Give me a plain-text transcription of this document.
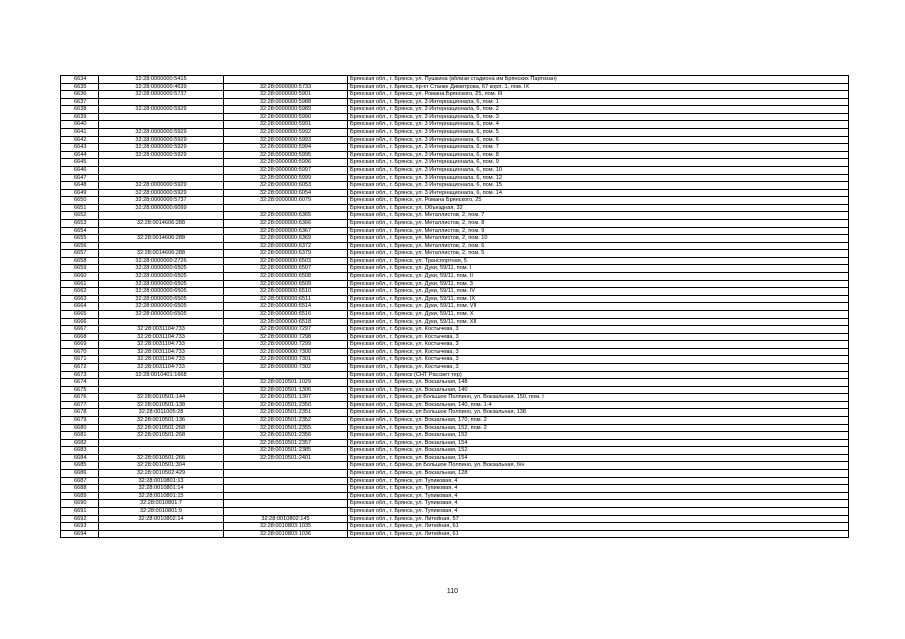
6634	32:28:0000000:5415		Брянская обл., г. Брянск, ул. Пушкина (вблизи стадиона им Брянских Партизан)
6635	32:28:0000000:4639	32:28:0000000:5733	Брянская обл., г. Брянск, пр-кт Станке Димитрова, 67 корп. 1, пом. IX
6636	32:28:0000000:5737	32:28:0000000:5901	Брянская обл., г. Брянск, ул. Романа Брянского, 25, пом. III
6637		32:28:0000000:5988	Брянская обл., г. Брянск, ул. 3 Интернационала, 6, пом. 1
6638	32:28:0000000:5929	32:28:0000000:5989	Брянская обл., г. Брянск, ул. 3 Интернационала, 6, пом. 2
6639		32:28:0000000:5990	Брянская обл., г. Брянск, ул. 3 Интернационала, 6, пом. 3
6640		32:28:0000000:5991	Брянская обл., г. Брянск, ул. 3 Интернационала, 6, пом. 4
6641	32:28:0000000:5929	32:28:0000000:5992	Брянская обл., г. Брянск, ул. 3 Интернационала, 6, пом. 5
6642	32:28:0000000:5929	32:28:0000000:5993	Брянская обл., г. Брянск, ул. 3 Интернационала, 6, пом. 6
6643	32:28:0000000:5929	32:28:0000000:5994	Брянская обл., г. Брянск, ул. 3 Интернационала, 6, пом. 7
6644	32:28:0000000:5929	32:28:0000000:5995	Брянская обл., г. Брянск, ул. 3 Интернационала, 6, пом. 8
6645		32:28:0000000:5996	Брянская обл., г. Брянск, ул. 3 Интернационала, 6, пом. 9
6646		32:28:0000000:5997	Брянская обл., г. Брянск, ул. 3 Интернационала, 6, пом. 10
6647		32:28:0000000:5999	Брянская обл., г. Брянск, ул. 3 Интернационала, 6, пом. 12
6648	32:28:0000000:5929	32:28:0000000:6053	Брянская обл., г. Брянск, ул. 3 Интернационала, 6, пом. 15
6649	32:28:0000000:5929	32:28:0000000:6054	Брянская обл., г. Брянск, ул. 3 Интернационала, 6, пом. 14
6650	32:28:0000000:5737	32:28:0000000:6079	Брянская обл., г. Брянск, ул. Романа Брянского, 25
6651	32:28:0000000:6099		Брянская обл., г. Брянск, ул. Объездная, 32
6652		32:28:0000000:6365	Брянская обл., г. Брянск, ул. Металлистов, 2, пом. 7
6653	32:28:0014606:288	32:28:0000000:6366	Брянская обл., г. Брянск, ул. Металлистов, 2, пом. 8
6654		32:28:0000000:6367	Брянская обл., г. Брянск, ул. Металлистов, 2, пом. 9
6655	32:28:0014606:288	32:28:0000000:6369	Брянская обл., г. Брянск, ул. Металлистов, 2, пом. 10
6656		32:28:0000000:6372	Брянская обл., г. Брянск, ул. Металлистов, 2, пом. 6
6657	32:28:0014606:288	32:28:0000000:6379	Брянская обл., г. Брянск, ул. Металлистов, 2, пом. 5
6658	32:28:0000000:2726	32:28:0000000:6503	Брянская обл., г. Брянск, ул. Транспортная, 5
6659	32:28:0000000:6505	32:28:0000000:6507	Брянская обл., г. Брянск, ул. Дуки, 59/11, пом. I
6660	32:28:0000000:6505	32:28:0000000:6508	Брянская обл., г. Брянск, ул. Дуки, 59/11, пом. II
6661	32:28:0000000:6505	32:28:0000000:6509	Брянская обл., г. Брянск, ул. Дуки, 59/11, пом. 3
6662	32:28:0000000:6505	32:28:0000000:6510	Брянская обл., г. Брянск, ул. Дуки, 59/11, пом. IV
6663	32:28:0000000:6505	32:28:0000000:6511	Брянская обл., г. Брянск, ул. Дуки, 59/11, пом. IX
6664	32:28:0000000:6505	32:28:0000000:6514	Брянская обл., г. Брянск, ул. Дуки, 59/11, пом. VII
6665	32:28:0000000:6505	32:28:0000000:6516	Брянская обл., г. Брянск, ул. Дуки, 59/11, пом. X
6666		32:28:0000000:6518	Брянская обл., г. Брянск, ул. Дуки, 59/11, пом. XII
6667	32:28:0031104:733	32:28:0000000:7297	Брянская обл., г. Брянск, ул. Костычева, 3
6668	32:28:0031104:733	32:28:0000000:7298	Брянская обл., г. Брянск, ул. Костычева, 3
6669	32:28:0031104:733	32:28:0000000:7299	Брянская обл., г. Брянск, ул. Костычева, 3
6670	32:28:0031104:733	32:28:0000000:7300	Брянская обл., г. Брянск, ул. Костычева, 3
6671	32:28:0031104:733	32:28:0000000:7301	Брянская обл., г. Брянск, ул. Костычева, 3
6672	32:28:0031104:733	32:28:0000000:7302	Брянская обл., г. Брянск, ул. Костычева, 3
6673	32:28:0010401:1668		Брянская обл., г. Брянск (СНТ Рассвет тер)
6674		32:28:0010501:1029	Брянская обл., г. Брянск, ул. Вокзальная, 148
6675		32:28:0010501:1306	Брянская обл., г. Брянск, ул. Вокзальная, 140
6676	32:28:0010501:144	32:28:0010501:1307	Брянская обл., г. Брянск, рп Большое Полпино, ул. Вокзальная, 150, пом. I
6677	32:28:0010501:138	32:28:0010501:2350	Брянская обл., г. Брянск, ул. Вокзальная, 140, пом. 1-4
6678	32:28:0011005:28	32:28:0010501:2351	Брянская обл., г. Брянск, рп Большое Полпино, ул. Вокзальная, 138
6679	32:28:0010501:136	32:28:0010501:2352	Брянская обл., г. Брянск, ул. Вокзальная, 170, пом. 2
6680	32:28:0010501:268	32:28:0010501:2355	Брянская обл., г. Брянск, ул. Вокзальная, 152, пом. 2
6681	32:28:0010501:268	32:28:0010501:2356	Брянская обл., г. Брянск, ул. Вокзальная, 152
6682		32:28:0010501:2357	Брянская обл., г. Брянск, ул. Вокзальная, 154
6683		32:28:0010501:2385	Брянская обл., г. Брянск, ул. Вокзальная, 152
6684	32:28:0010501:266	32:28:0010501:2401	Брянская обл., г. Брянск, ул. Вокзальная, 154
6685	32:28:0010501:304		Брянская обл., г. Брянск, рп Большое Полпино, ул. Вокзальная, б/н
6686	32:28:0010502:429		Брянская обл., г. Брянск, ул. Вокзальная, 128
6687	32:28:0010801:13		Брянская обл., г. Брянск, ул. Тупиковая, 4
6688	32:28:0010801:14		Брянская обл., г. Брянск, ул. Тупиковая, 4
6689	32:28:0010801:15		Брянская обл., г. Брянск, ул. Тупиковая, 4
6690	32:28:0010801:7		Брянская обл., г. Брянск, ул. Тупиковая, 4
6691	32:28:0010801:9		Брянская обл., г. Брянск, ул. Тупиковая, 4
6692	32:28:0010802:14	32:28:0010802:145	Брянская обл., г. Брянск, ул. Литейная, 57
6693		32:28:0010803:1035	Брянская обл., г. Брянск, ул. Литейная, 61
6694		32:28:0010803:1036	Брянская обл., г. Брянск, ул. Литейная, 61
110
